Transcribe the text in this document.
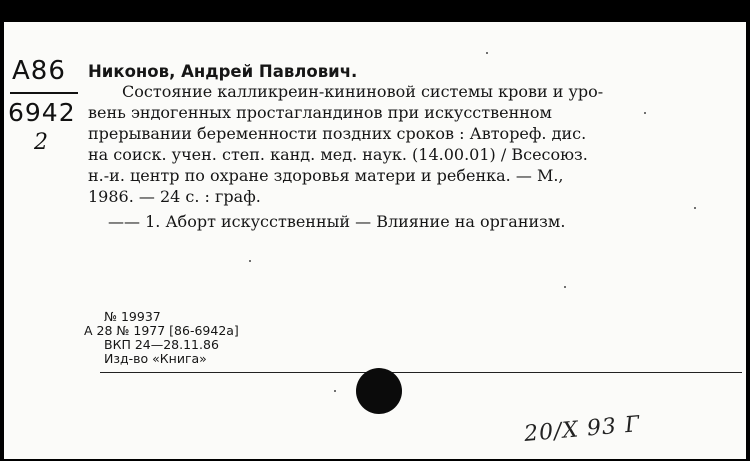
А86
6942
2
Никонов, Андрей Павлович.
Состояние калликреин-кининовой системы крови и уро-
вень эндогенных простагландинов при искусственном
прерывании беременности поздних сроков : Автореф. дис.
на соиск. учен. степ. канд. мед. наук. (14.00.01) / Всесоюз.
н.-и. центр по охране здоровья матери и ребенка. — М.,
1986. — 24 с. : граф.
—— 1. Аборт искусственный — Влияние на организм.
№ 19937
А 28 № 1977 [86-6942а]
ВКП 24—28.11.86
Изд-во «Книга»
20/X 93 Г
